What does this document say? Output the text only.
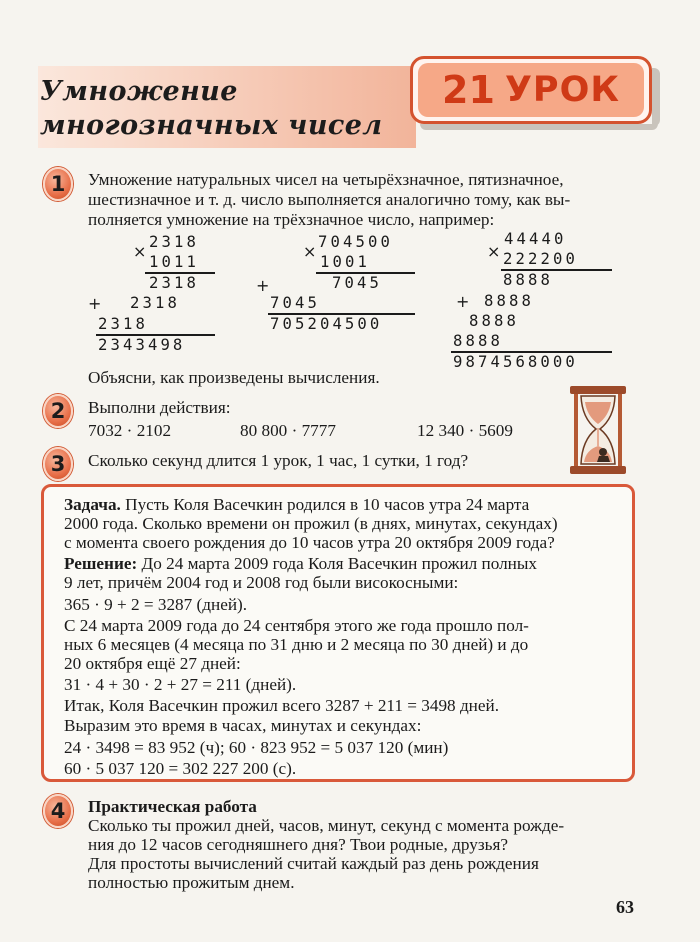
Умножение
многозначных чисел
21 УРОК
1	Умножение натуральных чисел на четырёхзначное, пятизначное,
шестизначное и т. д. число выполняется аналогично тому, как вы-
полняется умножение на трёхзначное число, например:
× 2318
1011
2318
+ 2318
2318
2343498
× 704500
1001
7045
+
7045
705204500
×
44440
222200
8888
+ 8888
8888
8888
9874568000
Объясни, как произведены вычисления.
2	Выполни действия:
7032 · 2102	80 800 · 7777	12 340 · 5609
3	Сколько секунд длится 1 урок, 1 час, 1 сутки, 1 год?
Задача. Пусть Коля Васечкин родился в 10 часов утра 24 марта
2000 года. Сколько времени он прожил (в днях, минутах, секундах)
с момента своего рождения до 10 часов утра 20 октября 2009 года?
Решение: До 24 марта 2009 года Коля Васечкин прожил полных
9 лет, причём 2004 год и 2008 год были високосными:
365 · 9 + 2 = 3287 (дней).
С 24 марта 2009 года до 24 сентября этого же года прошло пол-
ных 6 месяцев (4 месяца по 31 дню и 2 месяца по 30 дней) и до
20 октября ещё 27 дней:
31 · 4 + 30 · 2 + 27 = 211 (дней).
Итак, Коля Васечкин прожил всего 3287 + 211 = 3498 дней.
Выразим это время в часах, минутах и секундах:
24 · 3498 = 83 952 (ч); 60 · 823 952 = 5 037 120 (мин)
60 · 5 037 120 = 302 227 200 (с).
4	Практическая работа
Сколько ты прожил дней, часов, минут, секунд с момента рожде-
ния до 12 часов сегодняшнего дня? Твои родные, друзья?
Для простоты вычислений считай каждый раз день рождения
полностью прожитым днем.
63
